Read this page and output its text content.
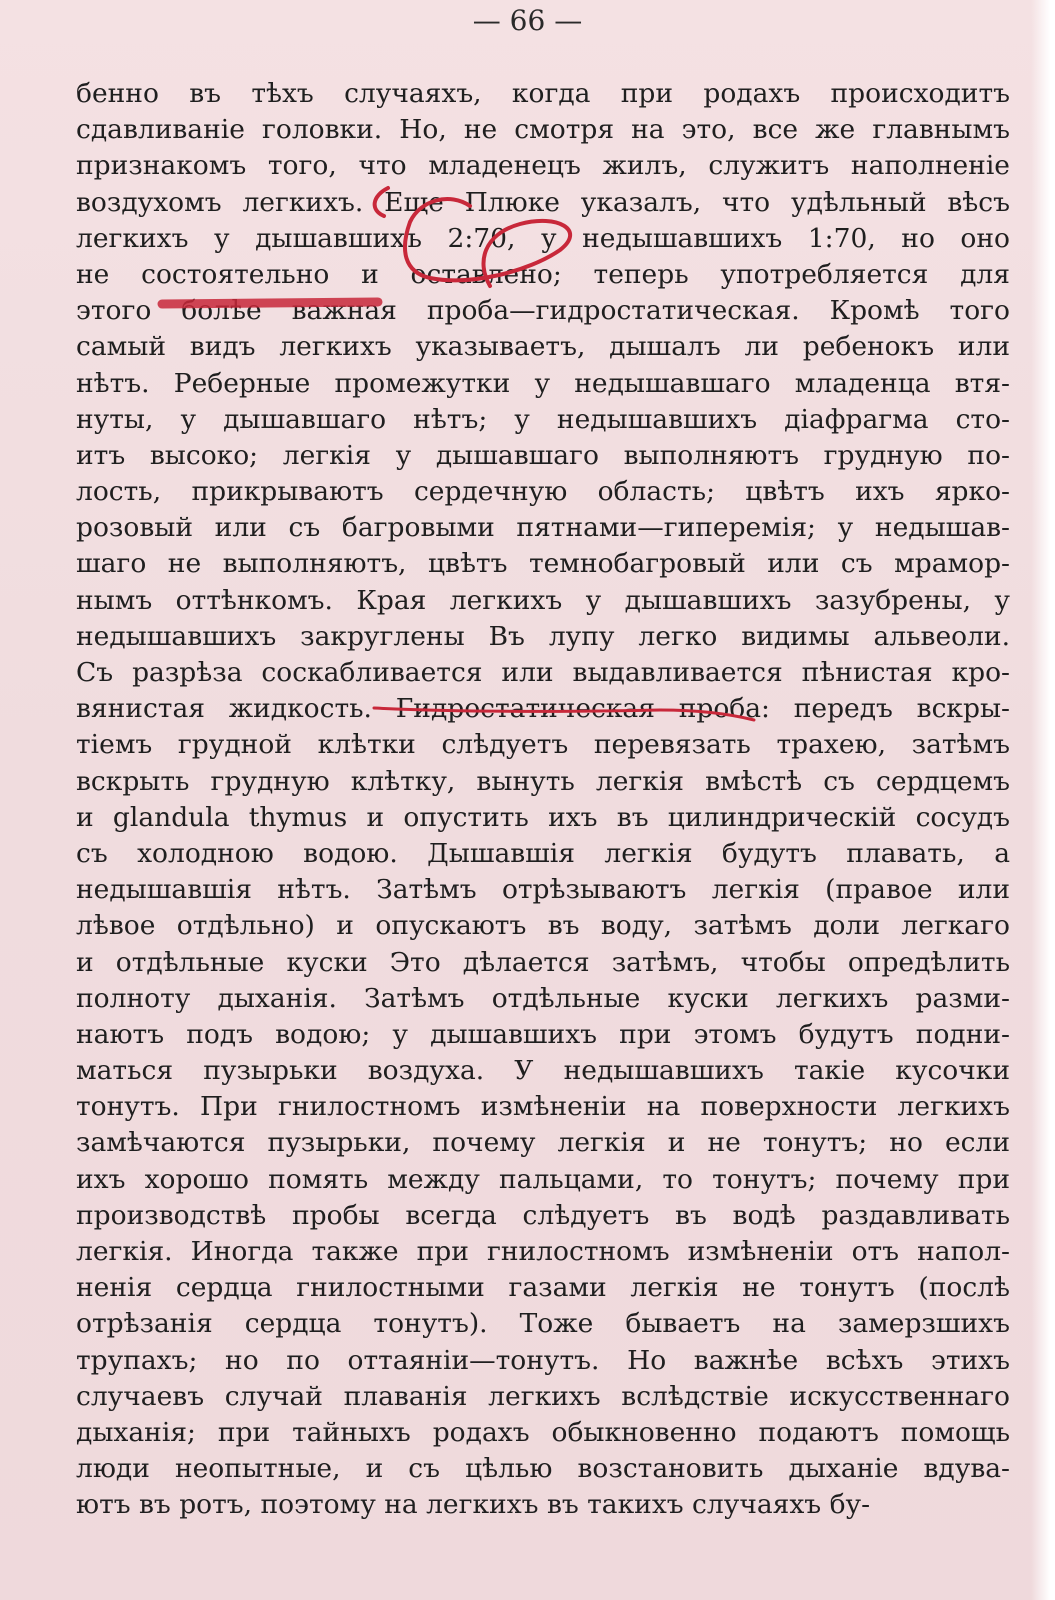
— 66 —
бенно въ тѣхъ случаяхъ, когда при родахъ происходитъ
сдавливанiе головки. Но, не смотря на это, все же главнымъ
признакомъ того, что младенецъ жилъ, служитъ наполненiе
воздухомъ легкихъ. Еще Плюке указалъ, что удѣльный вѣсъ
легкихъ у дышавшихъ 2:70, у недышавшихъ 1:70, но оно
не состоятельно и оставлено; теперь употребляется для
этого болѣе важная проба—гидростатическая. Кромѣ того
самый видъ легкихъ указываетъ, дышалъ ли ребенокъ или
нѣтъ. Реберные промежутки у недышавшаго младенца втя-
нуты, у дышавшаго нѣтъ; у недышавшихъ дiафрагма сто-
итъ высоко; легкiя у дышавшаго выполняютъ грудную по-
лость, прикрываютъ сердечную область; цвѣтъ ихъ ярко-
розовый или съ багровыми пятнами—гиперемiя; у недышав-
шаго не выполняютъ, цвѣтъ темнобагровый или съ мрамор-
нымъ оттѣнкомъ. Края легкихъ у дышавшихъ зазубрены, у
недышавшихъ закруглены Въ лупу легко видимы альвеоли.
Съ разрѣза соскабливается или выдавливается пѣнистая кро-
вянистая жидкость. Гидростатическая проба: передъ вскры-
тiемъ грудной клѣтки слѣдуетъ перевязать трахею, затѣмъ
вскрыть грудную клѣтку, вынуть легкiя вмѣстѣ съ сердцемъ
и glandula thymus и опустить ихъ въ цилиндрическiй сосудъ
съ холодною водою. Дышавшiя легкiя будутъ плавать, а
недышавшiя нѣтъ. Затѣмъ отрѣзываютъ легкiя (правое или
лѣвое отдѣльно) и опускаютъ въ воду, затѣмъ доли легкаго
и отдѣльные куски Это дѣлается затѣмъ, чтобы опредѣлить
полноту дыханiя. Затѣмъ отдѣльные куски легкихъ разми-
наютъ подъ водою; у дышавшихъ при этомъ будутъ подни-
маться пузырьки воздуха. У недышавшихъ такiе кусочки
тонутъ. При гнилостномъ измѣненiи на поверхности легкихъ
замѣчаются пузырьки, почему легкiя и не тонутъ; но если
ихъ хорошо помять между пальцами, то тонутъ; почему при
производствѣ пробы всегда слѣдуетъ въ водѣ раздавливать
легкiя. Иногда также при гнилостномъ измѣненiи отъ напол-
ненiя сердца гнилостными газами легкiя не тонутъ (послѣ
отрѣзанiя сердца тонутъ). Тоже бываетъ на замерзшихъ
трупахъ; но по оттаянiи—тонутъ. Но важнѣе всѣхъ этихъ
случаевъ случай плаванiя легкихъ вслѣдствiе искусственнаго
дыханiя; при тайныхъ родахъ обыкновенно подаютъ помощь
люди неопытные, и съ цѣлью возстановить дыханiе вдува-
ютъ въ ротъ, поэтому на легкихъ въ такихъ случаяхъ бу-
